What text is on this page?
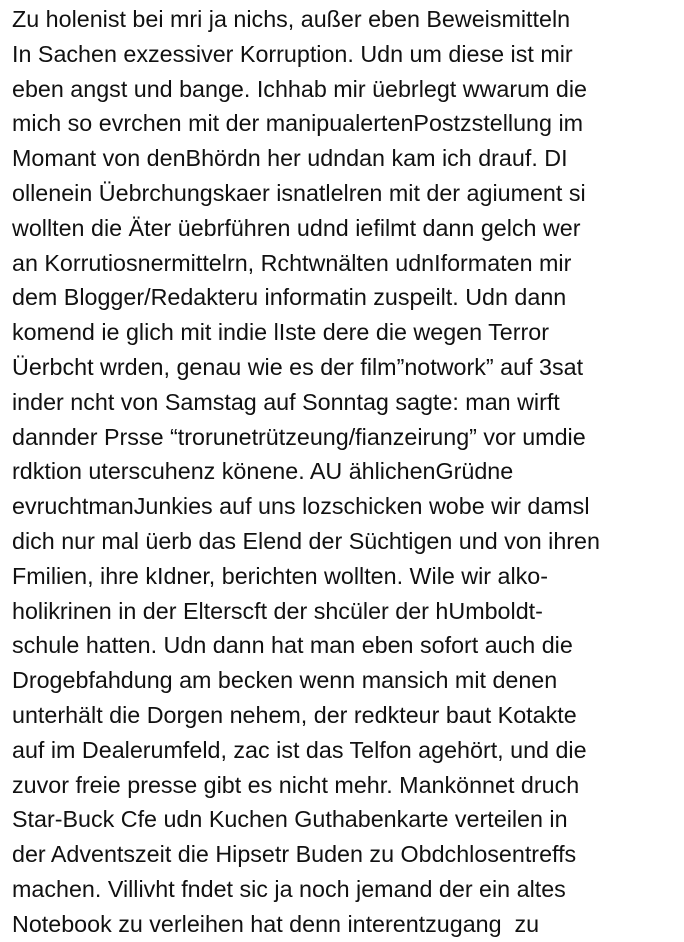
Zu holenist bei mri ja nichs, außer eben Beweismitteln
In Sachen exzessiver Korruption. Udn um diese ist mir
eben angst und bange. Ichhab mir üebrlegt wwarum die
mich so evrchen mit der manipualertenPostzstellung im
Momant von denBhördn her udndan kam ich drauf. DI
ollenein Üebrchungskaer isnatlelren mit der agiument si
wollten die Äter üebrführen udnd iefilmt dann gelch wer
an Korrutiosnermittelrn, Rchtwnälten udnIformaten mir
dem Blogger/Redakteru informatin zuspeilt. Udn dann
komend ie glich mit indie lIste dere die wegen Terror
Üerbcht wrden, genau wie es der film”notwork” auf 3sat
inder ncht von Samstag auf Sonntag sagte: man wirft
dannder Prsse “trorunetrützeung/fianzeirung” vor umdie
rdktion uterscuhenz könene. AU ählichenGrüdne
evruchtmanJunkies auf uns lozschicken wobe wir damsl
dich nur mal üerb das Elend der Süchtigen und von ihren
Fmilien, ihre kIdner, berichten wollten. Wile wir alko-
holikrinen in der Elterscft der shcüler der hUmboldt-
schule hatten. Udn dann hat man eben sofort auch die
Drogebfahdung am becken wenn mansich mit denen
unterhält die Dorgen nehem, der redkteur baut Kotakte
auf im Dealerumfeld, zac ist das Telfon agehört, und die
zuvor freie presse gibt es nicht mehr. Mankönnet druch
Star-Buck Cfe udn Kuchen Guthabenkarte verteilen in
der Adventszeit die Hipsetr Buden zu Obdchlosentreffs
machen. Villivht fndet sic ja noch jemand der ein altes
Notebook zu verleihen hat denn interentzugang  zu
